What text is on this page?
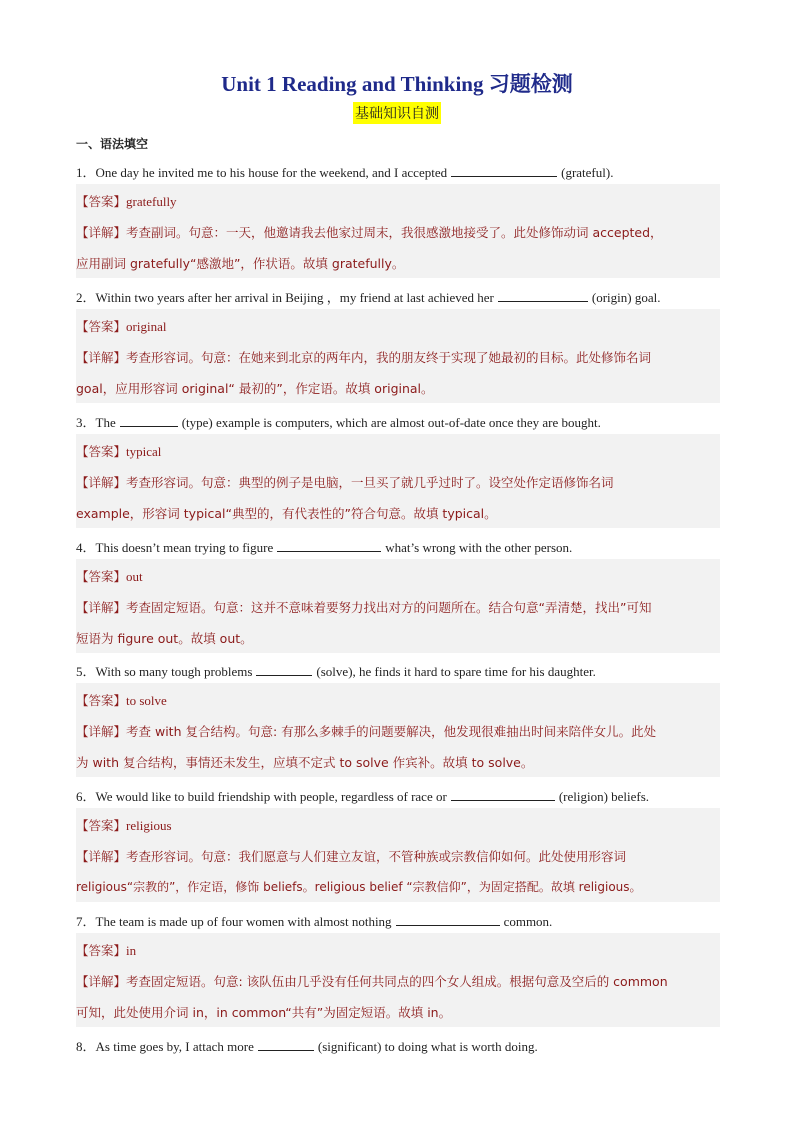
Unit 1 Reading and Thinking 习题检测
基础知识自测
一、语法填空
1．One day he invited me to his house for the weekend, and I accepted	(grateful).
【答案】gratefully
【详解】考查副词。句意：一天，他邀请我去他家过周末，我很感激地接受了。此处修饰动词 accepted，
应用副词 gratefully“感激地”，作状语。故填 gratefully。
2．Within two years after her arrival in Beijing ，my friend at last achieved her	(origin) goal.
【答案】original
【详解】考查形容词。句意：在她来到北京的两年内，我的朋友终于实现了她最初的目标。此处修饰名词
goal，应用形容词 original“ 最初的”，作定语。故填 original。
3．The	(type) example is computers, which are almost out-of-date once they are bought.
【答案】typical
【详解】考查形容词。句意：典型的例子是电脑，一旦买了就几乎过时了。设空处作定语修饰名词
example，形容词 typical“典型的，有代表性的”符合句意。故填 typical。
4．This doesn’t mean trying to figure	what’s wrong with the other person.
【答案】out
【详解】考查固定短语。句意：这并不意味着要努力找出对方的问题所在。结合句意“弄清楚，找出”可知
短语为 figure out。故填 out。
5．With so many tough problems	(solve), he finds it hard to spare time for his daughter.
【答案】to solve
【详解】考查 with 复合结构。句意: 有那么多棘手的问题要解决，他发现很难抽出时间来陪伴女儿。此处
为 with 复合结构，事情还未发生，应填不定式 to solve 作宾补。故填 to solve。
6．We would like to build friendship with people, regardless of race or	(religion) beliefs.
【答案】religious
【详解】考查形容词。句意：我们愿意与人们建立友谊，不管种族或宗教信仰如何。此处使用形容词
religious“宗教的”，作定语，修饰 beliefs。religious belief “宗教信仰”，为固定搭配。故填 religious。
7．The team is made up of four women with almost nothing	common.
【答案】in
【详解】考查固定短语。句意: 该队伍由几乎没有任何共同点的四个女人组成。根据句意及空后的 common
可知，此处使用介词 in，in common“共有”为固定短语。故填 in。
8．As time goes by, I attach more	(significant) to doing what is worth doing.
